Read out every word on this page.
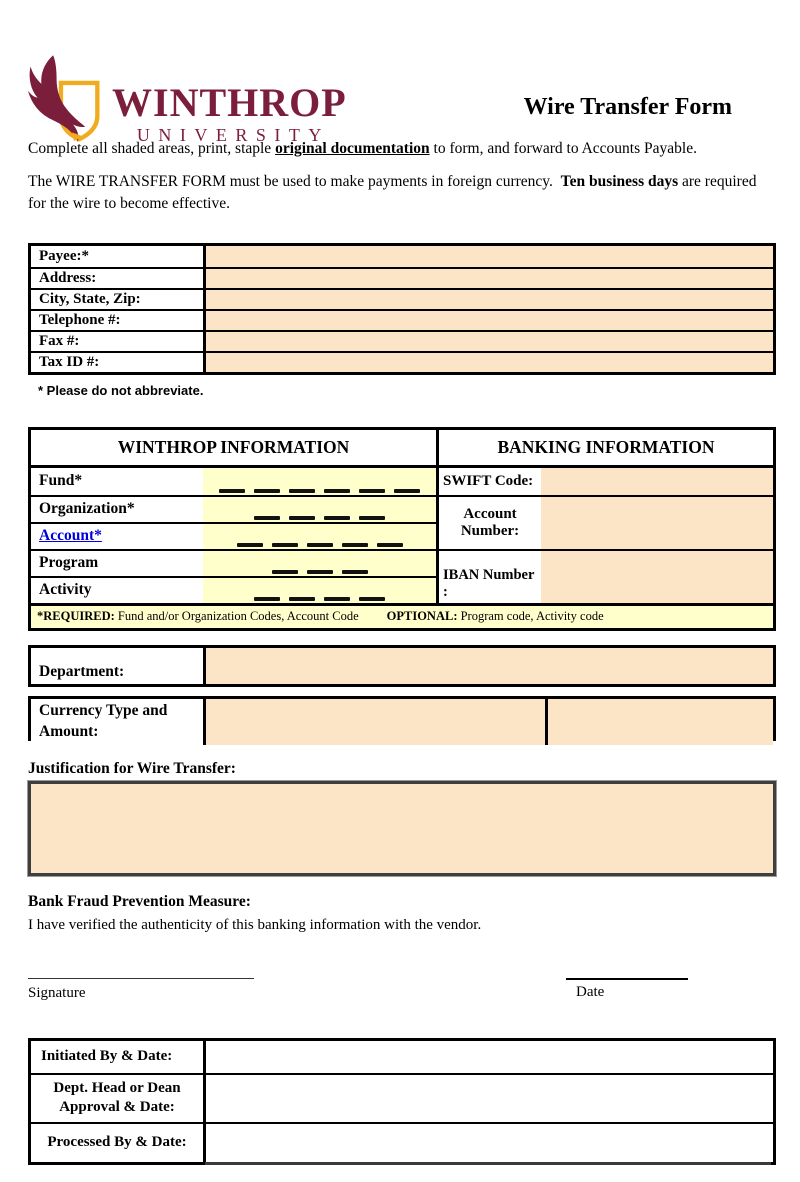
WINTHROP
UNIVERSITY
Wire Transfer Form

Complete all shaded areas, print, staple original documentation to form, and forward to Accounts Payable.

The WIRE TRANSFER FORM must be used to make payments in foreign currency.  Ten business days are required for the wire to become effective.

Payee:*
Address:
City, State, Zip:
Telephone #:
Fax #:
Tax ID #:
* Please do not abbreviate.
WINTHROP INFORMATION	BANKING INFORMATION
Fund*
Organization*
Account*
Program
Activity
SWIFT Code:
Account Number:
IBAN Number :
*REQUIRED: Fund and/or Organization Codes, Account Code OPTIONAL: Program code, Activity code
Department:
Currency Type and Amount:
Justification for Wire Transfer:
Bank Fraud Prevention Measure:
I have verified the authenticity of this banking information with the vendor.
Signature	Date
Initiated By & Date:
Dept. Head or Dean Approval & Date:
Processed By & Date:
